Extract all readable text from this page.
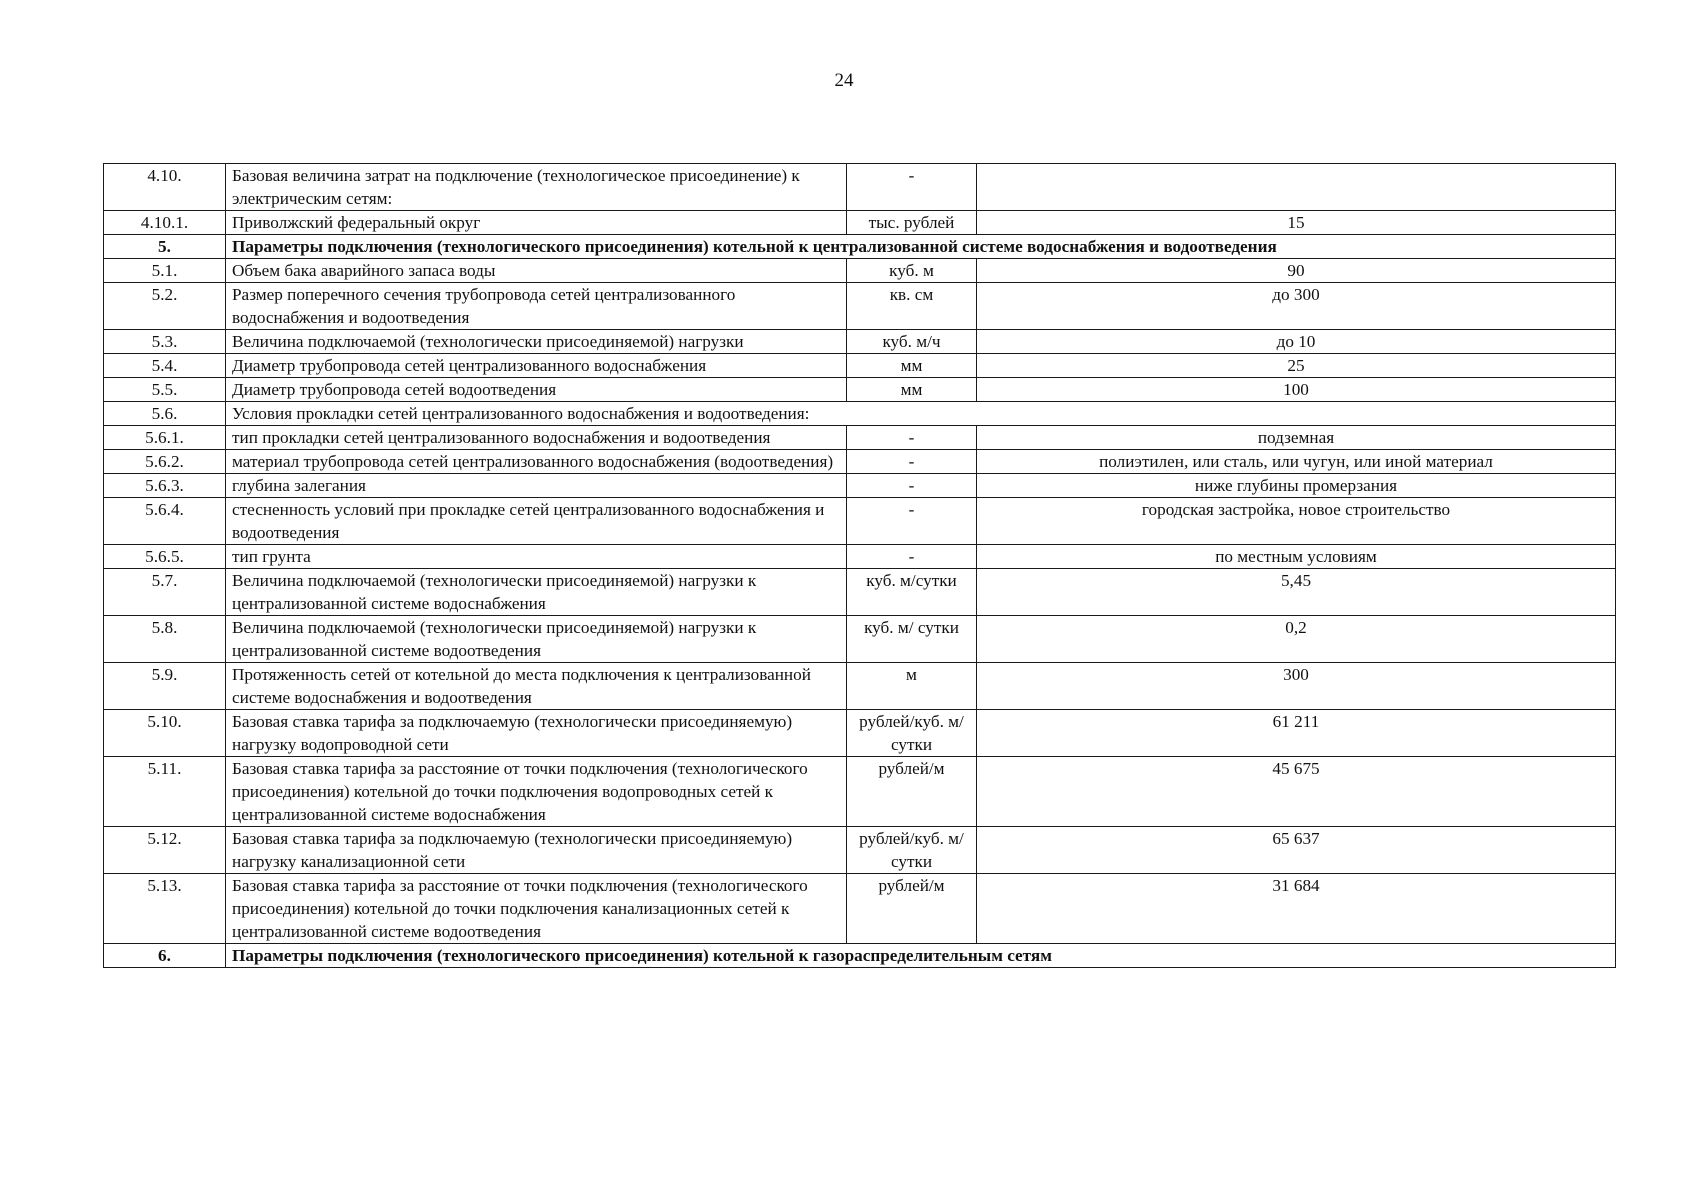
24
4.10.	Базовая величина затрат на подключение (технологическое присоединение) к электрическим сетям:	-	
4.10.1.	Приволжский федеральный округ	тыс. рублей	15
5.	Параметры подключения (технологического присоединения) котельной к централизованной системе водоснабжения и водоотведения		
5.1.	Объем бака аварийного запаса воды	куб. м	90
5.2.	Размер поперечного сечения трубопровода сетей централизованного водоснабжения и водоотведения	кв. см	до 300
5.3.	Величина подключаемой (технологически присоединяемой) нагрузки	куб. м/ч	до 10
5.4.	Диаметр трубопровода сетей централизованного водоснабжения	мм	25
5.5.	Диаметр трубопровода сетей водоотведения	мм	100
5.6.	Условия прокладки сетей централизованного водоснабжения и водоотведения:		
5.6.1.	тип прокладки сетей централизованного водоснабжения и водоотведения	-	подземная
5.6.2.	материал трубопровода сетей централизованного водоснабжения (водоотведения)	-	полиэтилен, или сталь, или чугун, или иной материал
5.6.3.	глубина залегания	-	ниже глубины промерзания
5.6.4.	стесненность условий при прокладке сетей централизованного водоснабжения и водоотведения	-	городская застройка, новое строительство
5.6.5.	тип грунта	-	по местным условиям
5.7.	Величина подключаемой (технологически присоединяемой) нагрузки к централизованной системе водоснабжения	куб. м/сутки	5,45
5.8.	Величина подключаемой (технологически присоединяемой) нагрузки к централизованной системе водоотведения	куб. м/ сутки	0,2
5.9.	Протяженность сетей от котельной до места подключения к централизованной системе водоснабжения и водоотведения	м	300
5.10.	Базовая ставка тарифа за подключаемую (технологически присоединяемую) нагрузку водопроводной сети	рублей/куб. м/сутки	61 211
5.11.	Базовая ставка тарифа за расстояние от точки подключения (технологического присоединения) котельной до точки подключения водопроводных сетей к централизованной системе водоснабжения	рублей/м	45 675
5.12.	Базовая ставка тарифа за подключаемую (технологически присоединяемую) нагрузку канализационной сети	рублей/куб. м/сутки	65 637
5.13.	Базовая ставка тарифа за расстояние от точки подключения (технологического присоединения) котельной до точки подключения канализационных сетей к централизованной системе водоотведения	рублей/м	31 684
6.	Параметры подключения (технологического присоединения) котельной к газораспределительным сетям		
